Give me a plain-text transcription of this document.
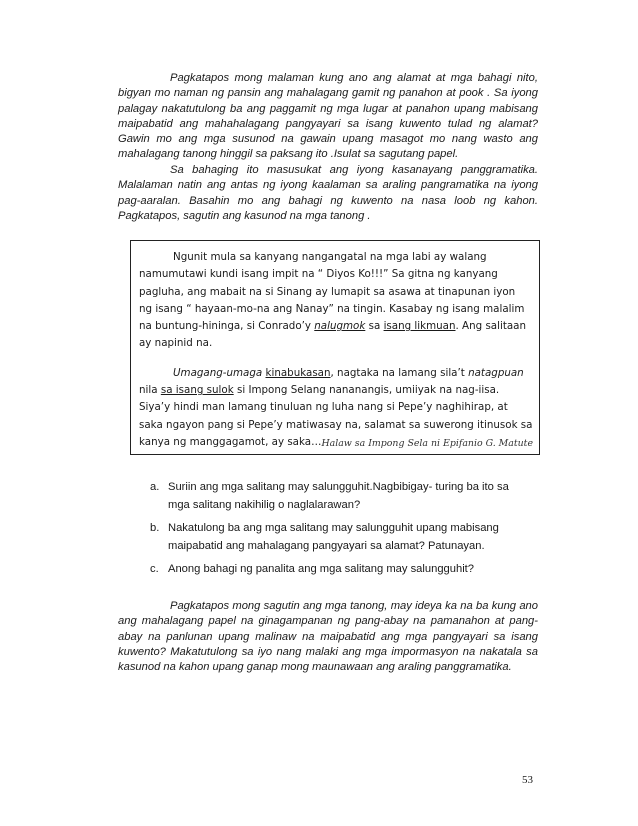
Pagkatapos mong malaman kung ano ang alamat at mga bahagi nito, bigyan mo naman ng pansin ang mahalagang gamit ng panahon at pook . Sa iyong palagay nakatutulong ba ang paggamit ng mga lugar at panahon upang mabisang maipabatid ang mahahalagang pangyayari sa isang kuwento tulad ng alamat? Gawin mo ang mga susunod na gawain upang masagot mo nang wasto ang mahalagang tanong hinggil sa paksang ito .Isulat sa sagutang papel.
Sa bahaging ito masusukat ang iyong kasanayang panggramatika. Malalaman natin ang antas ng iyong kaalaman sa araling pangramatika na iyong pag-aaralan. Basahin mo ang bahagi ng kuwento na nasa loob ng kahon. Pagkatapos, sagutin ang kasunod na mga tanong .
Ngunit mula sa kanyang nangangatal na mga labi ay walang
namumutawi kundi isang impit na “ Diyos Ko!!!” Sa gitna ng kanyang
pagluha, ang mabait na si Sinang ay lumapit sa asawa at tinapunan iyon
ng isang “ hayaan-mo-na ang Nanay” na tingin. Kasabay ng isang malalim
na buntung-hininga, si Conrado’y nalugmok sa isang likmuan. Ang salitaan
ay napinid na.
Umagang-umaga kinabukasan, nagtaka na lamang sila’t natagpuan
nila sa isang sulok si Impong Selang nananangis, umiiyak na nag-iisa.
Siya’y hindi man lamang tinuluan ng luha nang si Pepe’y naghihirap, at
saka ngayon pang si Pepe’y matiwasay na, salamat sa suwerong itinusok sa
kanya ng manggagamot, ay saka….
Halaw sa Impong Sela ni Epifanio G. Matute
a. Suriin ang mga salitang may salungguhit.Nagbibigay- turing ba ito sa mga salitang nakihilig o naglalarawan?
b. Nakatulong ba ang mga salitang may salungguhit upang mabisang maipabatid ang mahalagang pangyayari sa alamat? Patunayan.
c. Anong bahagi ng panalita ang mga salitang may salungguhit?
Pagkatapos mong sagutin ang mga tanong, may ideya ka na ba kung ano ang mahalagang papel na ginagampanan ng pang-abay na pamanahon at pang-abay na panlunan upang malinaw na maipabatid ang mga pangyayari sa isang kuwento? Makatutulong sa iyo nang malaki ang mga impormasyon na nakatala sa kasunod na kahon upang ganap mong maunawaan ang araling panggramatika.
53
